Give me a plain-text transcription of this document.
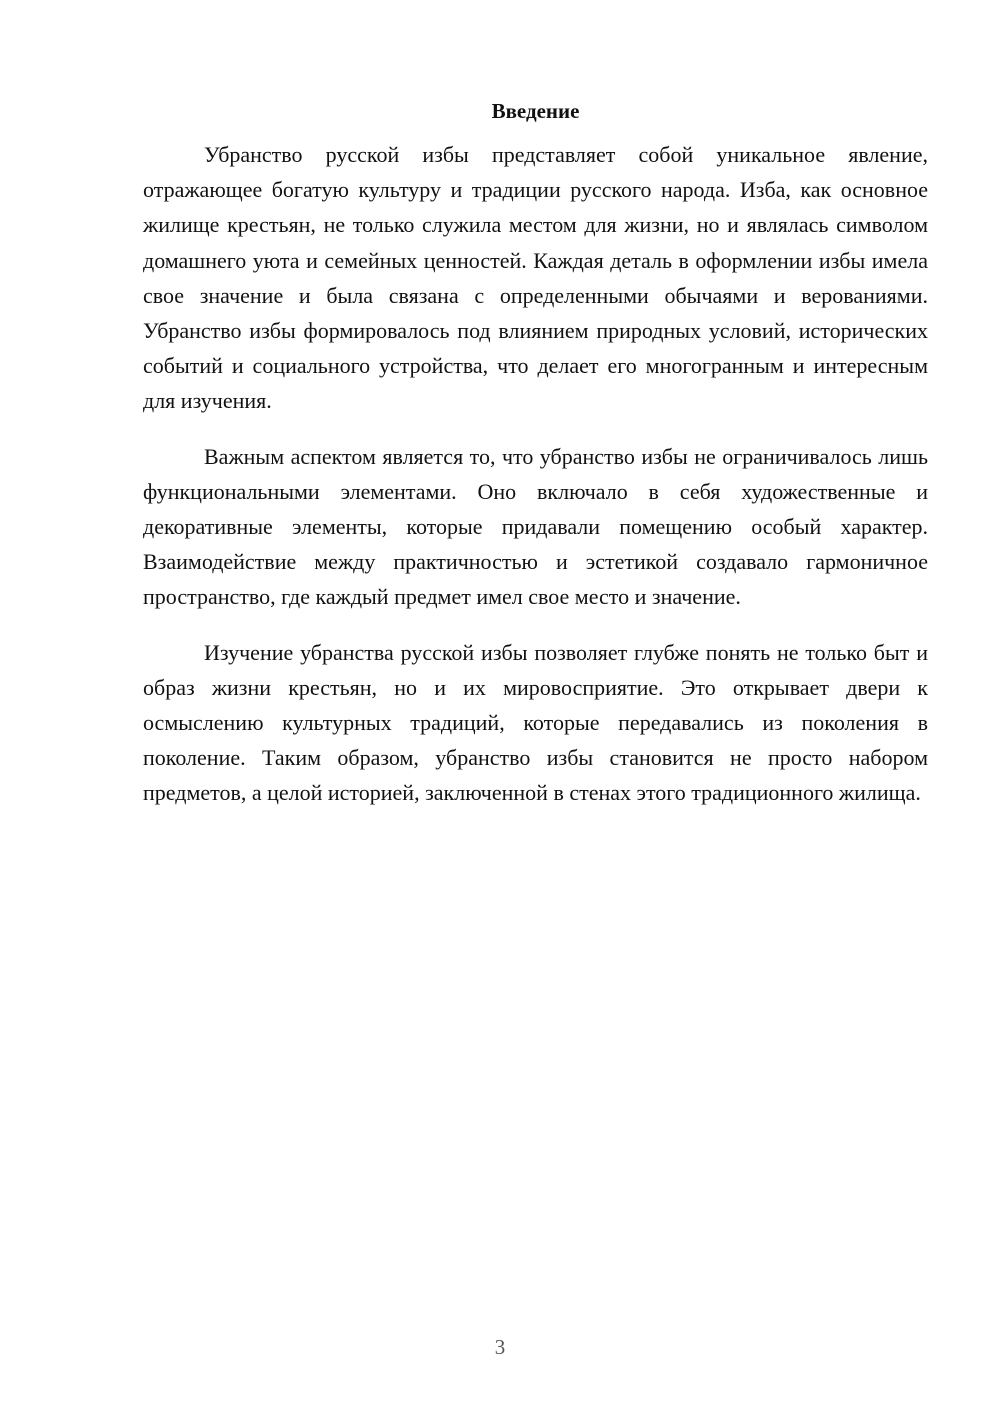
Введение

Убранство русской избы представляет собой уникальное явление, отражающее богатую культуру и традиции русского народа. Изба, как основное жилище крестьян, не только служила местом для жизни, но и являлась символом домашнего уюта и семейных ценностей. Каждая деталь в оформлении избы имела свое значение и была связана с определенными обычаями и верованиями. Убранство избы формировалось под влиянием природных условий, исторических событий и социального устройства, что делает его многогранным и интересным для изучения.

Важным аспектом является то, что убранство избы не ограничивалось лишь функциональными элементами. Оно включало в себя художественные и декоративные элементы, которые придавали помещению особый характер. Взаимодействие между практичностью и эстетикой создавало гармоничное пространство, где каждый предмет имел свое место и значение.

Изучение убранства русской избы позволяет глубже понять не только быт и образ жизни крестьян, но и их мировосприятие. Это открывает двери к осмыслению культурных традиций, которые передавались из поколения в поколение. Таким образом, убранство избы становится не просто набором предметов, а целой историей, заключенной в стенах этого традиционного жилища.

3
